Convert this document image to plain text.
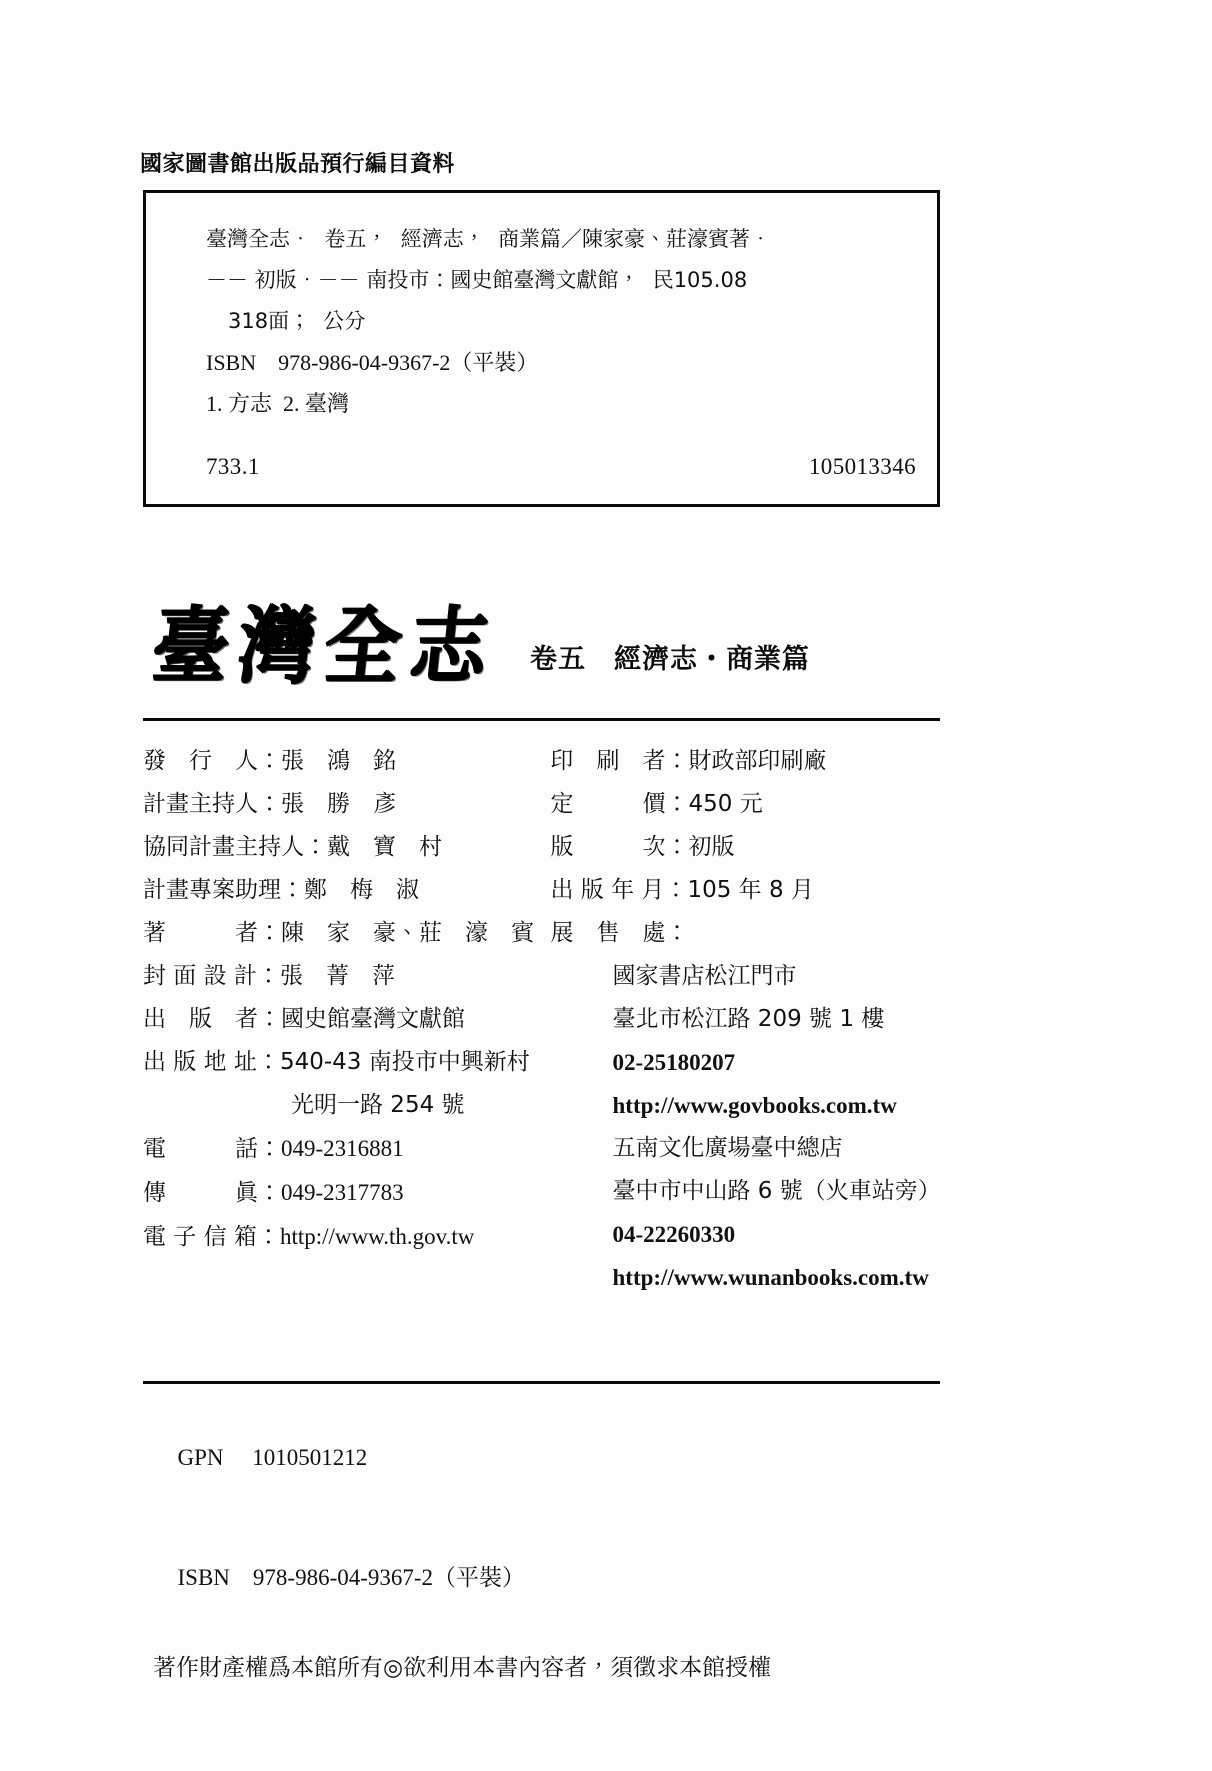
國家圖書館出版品預行編目資料
臺灣全志．  卷五，  經濟志，  商業篇／陳家豪、莊濠賓著．
－－ 初版．－－ 南投市：國史館臺灣文獻館，  民105.08
318面；  公分
ISBN    978-986-04-9367-2（平裝）
1. 方志  2. 臺灣
733.1	105013346
臺灣全志 卷五　經濟志・商業篇
發　行　人： 張　鴻　銘
計畫主持人： 張　勝　彥
協同計畫主持人： 戴　寶　村
計畫專案助理： 鄭　梅　淑
著　　　者： 陳　家　豪、莊　濠　賓
封 面 設 計： 張　菁　萍
出　版　者： 國史館臺灣文獻館
出 版 地 址： 540-43 南投市中興新村
光明一路 254 號
電　　　話： 049-2316881
傳　　　眞： 049-2317783
電 子 信 箱： http://www.th.gov.tw
印　刷　者： 財政部印刷廠
定　　　價： 450 元
版　　　次： 初版
出 版 年 月： 105 年 8 月
展　售　處：
國家書店松江門市
臺北市松江路 209 號 1 樓
02-25180207
http://www.govbooks.com.tw
五南文化廣場臺中總店
臺中市中山路 6 號（火車站旁）
04-22260330
http://www.wunanbooks.com.tw

GPN 1010501212

ISBN 978-986-04-9367-2（平裝）

著作財產權爲本館所有◎欲利用本書內容者，須徵求本館授權
